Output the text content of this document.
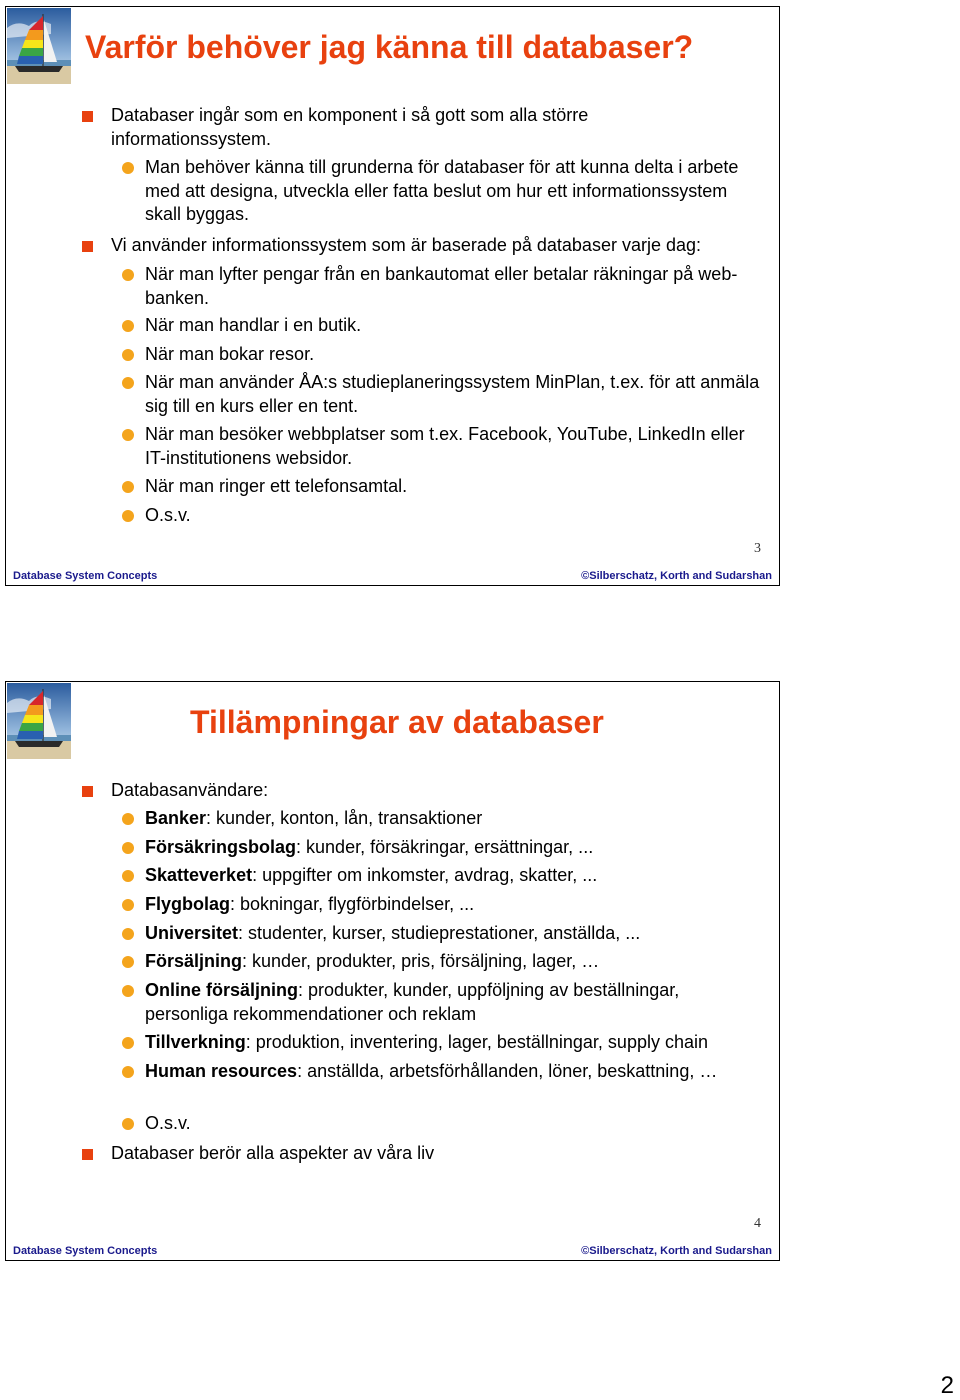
Varför behöver jag känna till databaser?
Databaser ingår som en komponent i så gott som alla större informationssystem.
Man behöver känna till grunderna för databaser för att kunna delta i arbete med att designa, utveckla eller fatta beslut om hur ett informationssystem skall byggas.
Vi använder informationssystem som är baserade på databaser varje dag:
När man lyfter pengar från en bankautomat eller betalar räkningar på web-banken.
När man handlar i en butik.
När man bokar resor.
När man använder ÅA:s studieplaneringssystem MinPlan, t.ex. för att anmäla sig till en kurs eller en tent.
När man besöker webbplatser som t.ex. Facebook, YouTube, LinkedIn eller IT-institutionens websidor.
När man ringer ett telefonsamtal.
O.s.v.
3
Database System Concepts	©Silberschatz, Korth and Sudarshan
Tillämpningar av databaser
Databasanvändare:
Banker: kunder, konton, lån, transaktioner
Försäkringsbolag: kunder, försäkringar, ersättningar, ...
Skatteverket: uppgifter om inkomster, avdrag, skatter, ...
Flygbolag: bokningar, flygförbindelser, ...
Universitet: studenter, kurser, studieprestationer, anställda, ...
Försäljning: kunder, produkter, pris, försäljning, lager, …
Online försäljning: produkter, kunder, uppföljning av beställningar, personliga rekommendationer och reklam
Tillverkning: produktion, inventering, lager, beställningar, supply chain
Human resources: anställda, arbetsförhållanden, löner, beskattning, …
O.s.v.
Databaser berör alla aspekter av våra liv
4
Database System Concepts	©Silberschatz, Korth and Sudarshan
2
